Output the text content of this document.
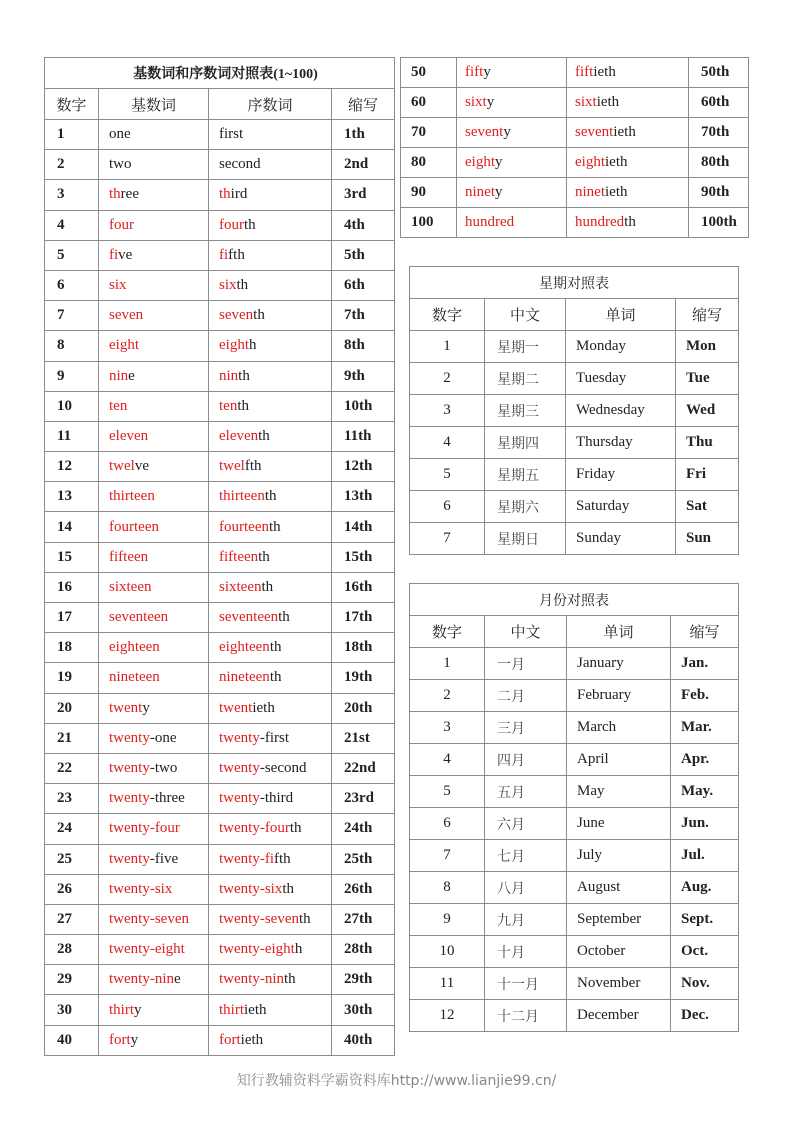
基数词和序数词对照表(1~100)			
数字	基数词	序数词	缩写
1	one	first	1th
2	two	second	2nd
3	three	third	3rd
4	four	fourth	4th
5	five	fifth	5th
6	six	sixth	6th
7	seven	seventh	7th
8	eight	eighth	8th
9	nine	ninth	9th
10	ten	tenth	10th
11	eleven	eleventh	11th
12	twelve	twelfth	12th
13	thirteen	thirteenth	13th
14	fourteen	fourteenth	14th
15	fifteen	fifteenth	15th
16	sixteen	sixteenth	16th
17	seventeen	seventeenth	17th
18	eighteen	eighteenth	18th
19	nineteen	nineteenth	19th
20	twenty	twentieth	20th
21	twenty-one	twenty-first	21st
22	twenty-two	twenty-second	22nd
23	twenty-three	twenty-third	23rd
24	twenty-four	twenty-fourth	24th
25	twenty-five	twenty-fifth	25th
26	twenty-six	twenty-sixth	26th
27	twenty-seven	twenty-seventh	27th
28	twenty-eight	twenty-eighth	28th
29	twenty-nine	twenty-ninth	29th
30	thirty	thirtieth	30th
40	forty	fortieth	40th
50	fifty	fiftieth	50th
60	sixty	sixtieth	60th
70	seventy	seventieth	70th
80	eighty	eightieth	80th
90	ninety	ninetieth	90th
100	hundred	hundredth	100th
星期对照表			
数字	中文	单词	缩写
1	星期一	Monday	Mon
2	星期二	Tuesday	Tue
3	星期三	Wednesday	Wed
4	星期四	Thursday	Thu
5	星期五	Friday	Fri
6	星期六	Saturday	Sat
7	星期日	Sunday	Sun
月份对照表			
数字	中文	单词	缩写
1	一月	January	Jan.
2	二月	February	Feb.
3	三月	March	Mar.
4	四月	April	Apr.
5	五月	May	May.
6	六月	June	Jun.
7	七月	July	Jul.
8	八月	August	Aug.
9	九月	September	Sept.
10	十月	October	Oct.
11	十一月	November	Nov.
12	十二月	December	Dec.
知行教辅资料学霸资料库http://www.lianjie99.cn/
